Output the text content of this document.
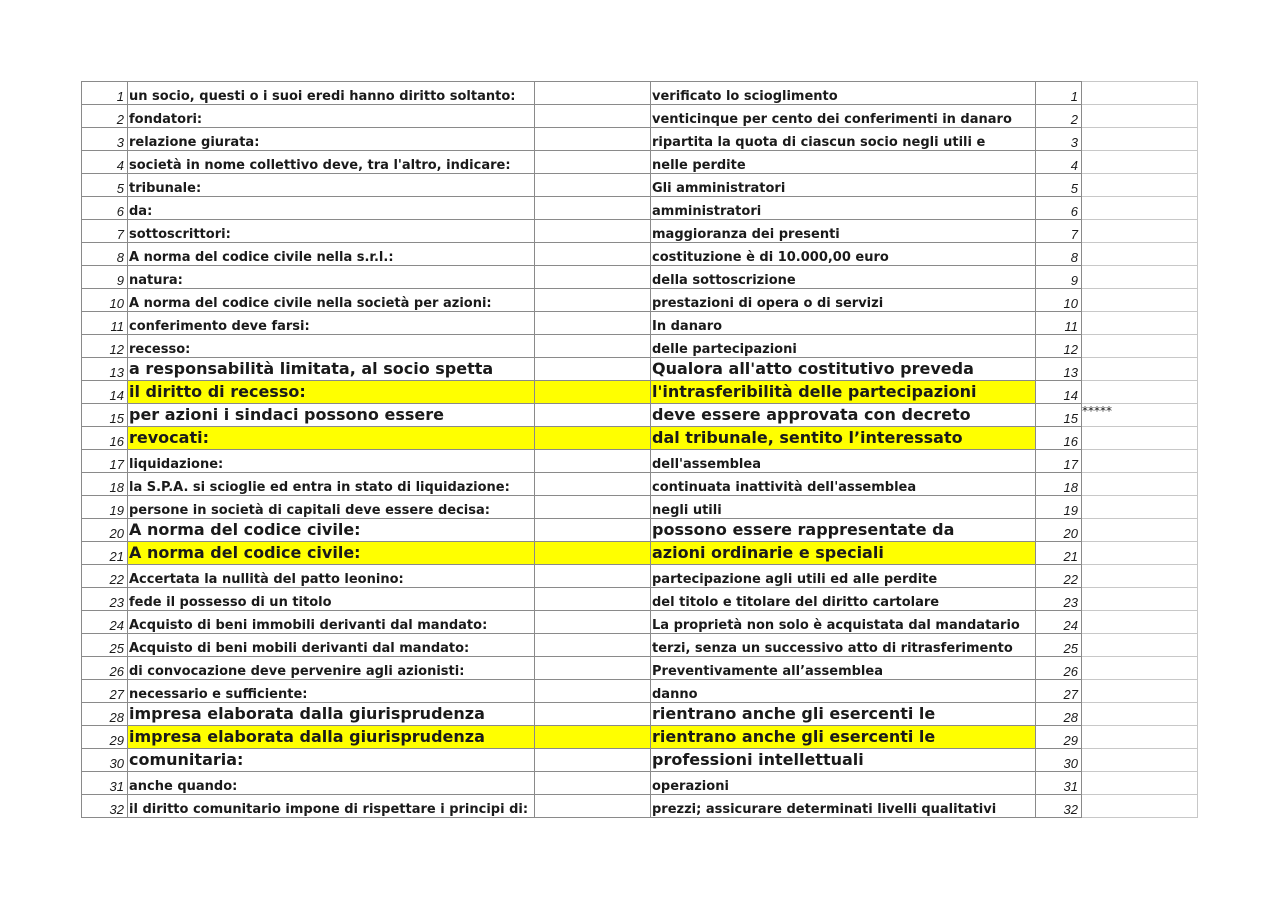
1	un socio, questi o i suoi eredi hanno diritto soltanto:		verificato lo scioglimento	1	
2	fondatori:		venticinque per cento dei conferimenti in danaro	2	
3	relazione giurata:		ripartita la quota di ciascun socio negli utili e	3	
4	società in nome collettivo deve, tra l'altro, indicare:		nelle perdite	4	
5	tribunale:		Gli amministratori	5	
6	da:		amministratori	6	
7	sottoscrittori:		maggioranza dei presenti	7	
8	A norma del codice civile nella s.r.l.:		costituzione è di 10.000,00 euro	8	
9	natura:		della sottoscrizione	9	
10	A norma del codice civile nella società per azioni:		prestazioni di opera o di servizi	10	
11	conferimento deve farsi:		In danaro	11	
12	recesso:		delle partecipazioni	12	
13	a responsabilità limitata, al socio spetta		Qualora all'atto costitutivo preveda	13	
14	il diritto di recesso:		l'intrasferibilità delle partecipazioni	14	
15	per azioni i sindaci possono essere		deve essere approvata con decreto	15	*****
16	revocati:		dal tribunale, sentito l’interessato	16	
17	liquidazione:		dell'assemblea	17	
18	la S.P.A. si scioglie ed entra in stato di liquidazione:		continuata inattività dell'assemblea	18	
19	persone in società di capitali deve essere decisa:		negli utili	19	
20	A norma del codice civile:		possono essere rappresentate da	20	
21	A norma del codice civile:		azioni ordinarie e speciali	21	
22	Accertata la nullità del patto leonino:		partecipazione agli utili ed alle perdite	22	
23	fede il possesso di un titolo		del titolo e titolare del diritto cartolare	23	
24	Acquisto di beni immobili derivanti dal mandato:		La proprietà non solo è acquistata dal mandatario	24	
25	Acquisto di beni mobili derivanti dal mandato:		terzi, senza un successivo atto di ritrasferimento	25	
26	di convocazione deve pervenire agli azionisti:		Preventivamente all’assemblea	26	
27	necessario e sufficiente:		danno	27	
28	impresa elaborata dalla giurisprudenza		rientrano anche gli esercenti le	28	
29	impresa elaborata dalla giurisprudenza		rientrano anche gli esercenti le	29	
30	comunitaria:		professioni intellettuali	30	
31	anche quando:		operazioni	31	
32	il diritto comunitario impone di rispettare i principi di:		prezzi; assicurare determinati livelli qualitativi	32	
